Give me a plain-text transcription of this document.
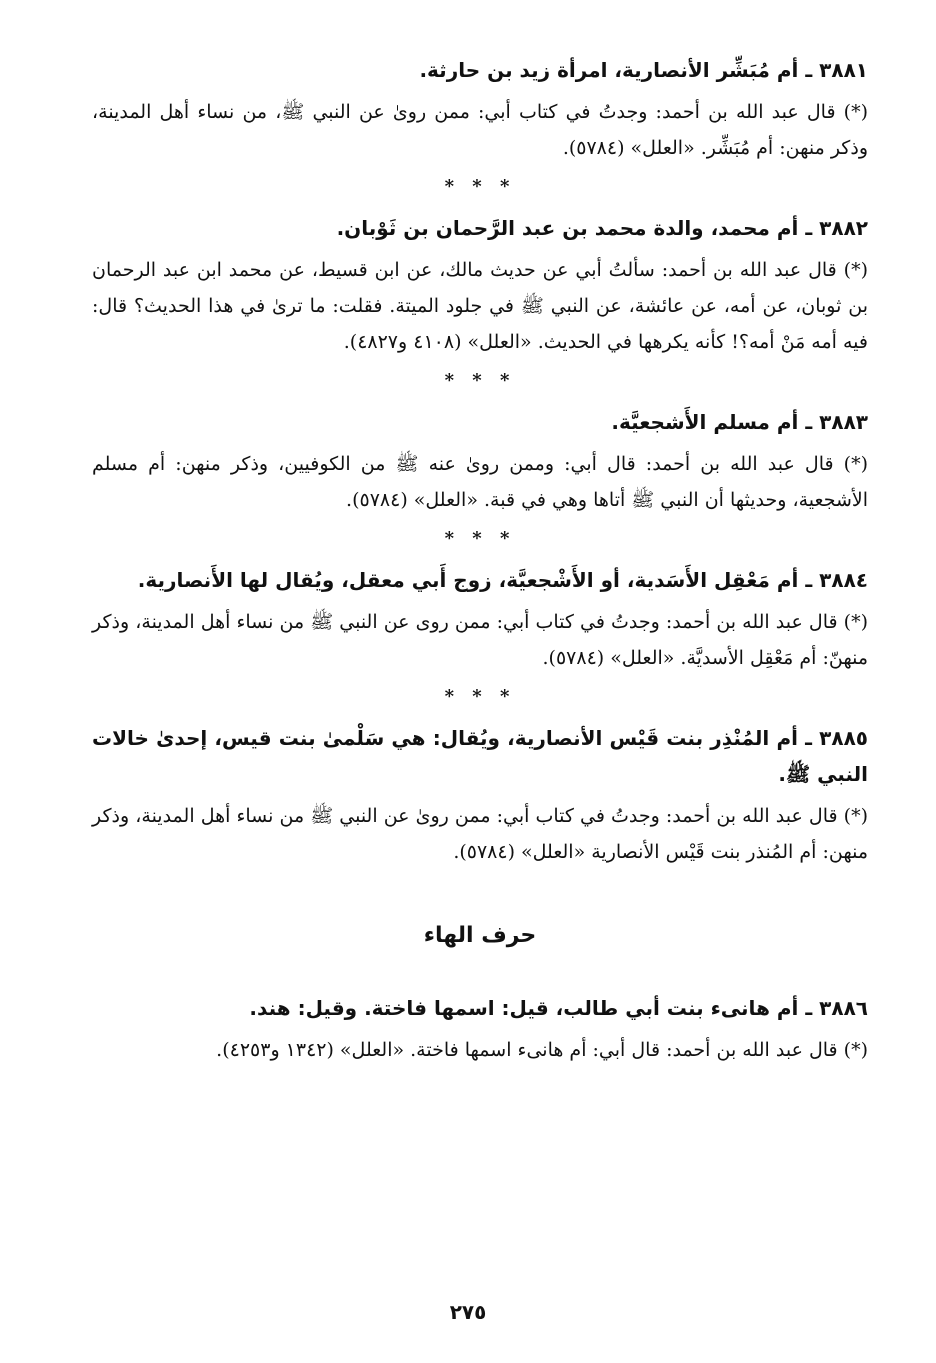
٣٨٨١ ـ أم مُبَشِّر الأنصارية، امرأة زيد بن حارثة.

(*) قال عبد الله بن أحمد: وجدتُ في كتاب أبي: ممن روىٰ عن النبي ﷺ، من نساء أهل المدينة، وذكر منهن: أم مُبَشِّر. «العلل» (٥٧٨٤).

* * *

٣٨٨٢ ـ أم محمد، والدة محمد بن عبد الرَّحمان بن ثَوْبان.

(*) قال عبد الله بن أحمد: سألتُ أبي عن حديث مالك، عن ابن قسيط، عن محمد ابن عبد الرحمان بن ثوبان، عن أمه، عن عائشة، عن النبي ﷺ في جلود الميتة. فقلت: ما ترىٰ في هذا الحديث؟ قال: فيه أمه مَنْ أمه؟! كأنه يكرهها في الحديث. «العلل» (٤١٠٨ و٤٨٢٧).

* * *

٣٨٨٣ ـ أم مسلم الأَشجعيَّة.

(*) قال عبد الله بن أحمد: قال أبي: وممن روىٰ عنه ﷺ من الكوفيين، وذكر منهن: أم مسلم الأشجعية، وحديثها أن النبي ﷺ أتاها وهي في قبة. «العلل» (٥٧٨٤).

* * *

٣٨٨٤ ـ أم مَعْقِل الأَسَدية، أو الأَشْجعيَّة، زوج أَبي معقل، ويُقال لها الأَنصارية.

(*) قال عبد الله بن أحمد: وجدتُ في كتاب أبي: ممن روى عن النبي ﷺ من نساء أهل المدينة، وذكر منهنّ: أم مَعْقِل الأسديَّة. «العلل» (٥٧٨٤).

* * *

٣٨٨٥ ـ أم المُنْذِر بنت قَيْس الأنصارية، ويُقال: هي سَلْمىٰ بنت قيس، إحدىٰ خالات النبي ﷺ.

(*) قال عبد الله بن أحمد: وجدتُ في كتاب أبي: ممن روىٰ عن النبي ﷺ من نساء أهل المدينة، وذكر منهن: أم المُنذر بنت قَيْس الأنصارية «العلل» (٥٧٨٤).

حرف الهاء

٣٨٨٦ ـ أم هانىء بنت أبي طالب، قيل: اسمها فاختة. وقيل: هند.

(*) قال عبد الله بن أحمد: قال أبي: أم هانىء اسمها فاختة. «العلل» (١٣٤٢ و٤٢٥٣).

٢٧٥
